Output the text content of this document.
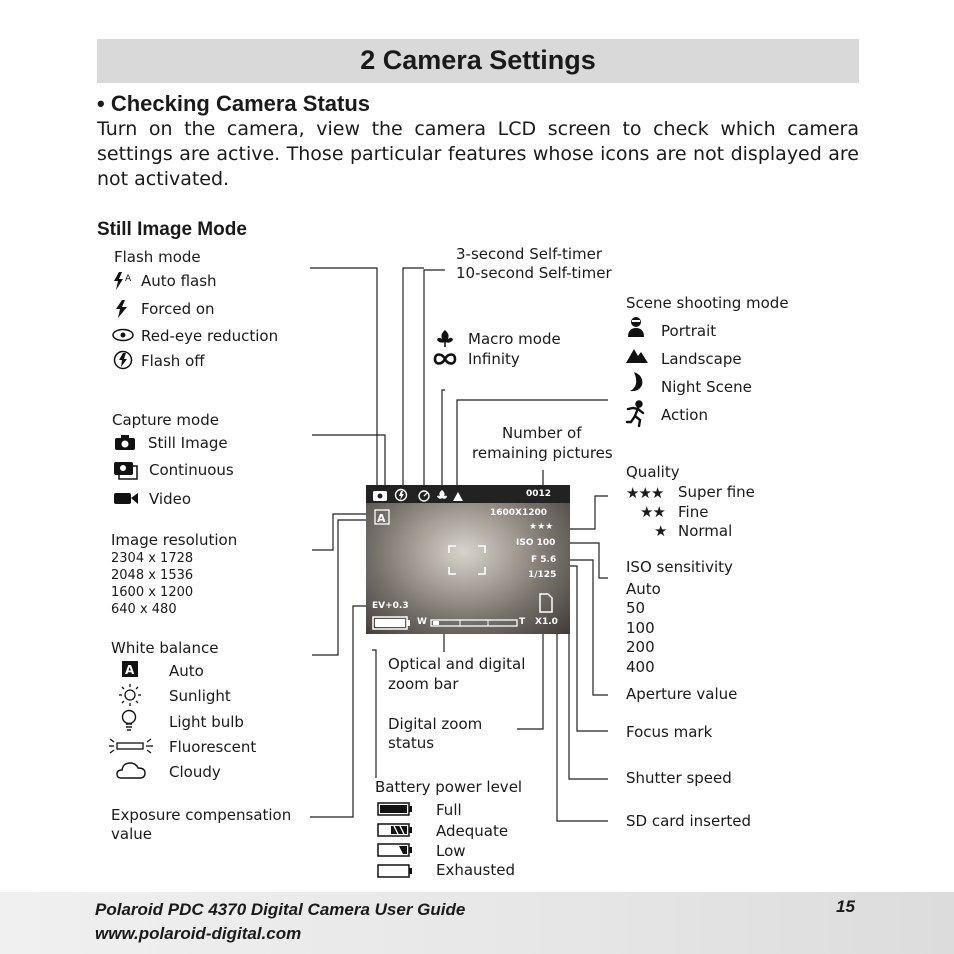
2 Camera Settings
• Checking Camera Status
Turn on the camera, view the camera LCD screen to check which camera settings are active. Those particular features whose icons are not displayed are not activated.
Still Image Mode
Flash mode
A Auto flash
Forced on
Red-eye reduction
Flash off
Capture mode
Still Image
Continuous
Video
Image resolution
2304 x 1728
2048 x 1536
1600 x 1200
640 x 480
White balance
A Auto
Sunlight
Light bulb
Fluorescent
Cloudy
Exposure compensation
value
3-second Self-timer
10-second Self-timer
Macro mode
Infinity
Number of
remaining pictures
Scene shooting mode
Portrait
Landscape
Night Scene
Action
Quality
★★★ Super fine
★★ Fine
★ Normal
ISO sensitivity
Auto
50
100
200
400
Aperture value
Focus mark
Shutter speed
SD card inserted
Optical and digital
zoom bar
Digital zoom
status
Battery power level
Full
Adequate
Low
Exhausted
0012
1600X1200
★★★
ISO 100
F 5.6
1/125
EV+0.3
A
W	T X1.0
Polaroid PDC 4370 Digital Camera User Guide
www.polaroid-digital.com
15
